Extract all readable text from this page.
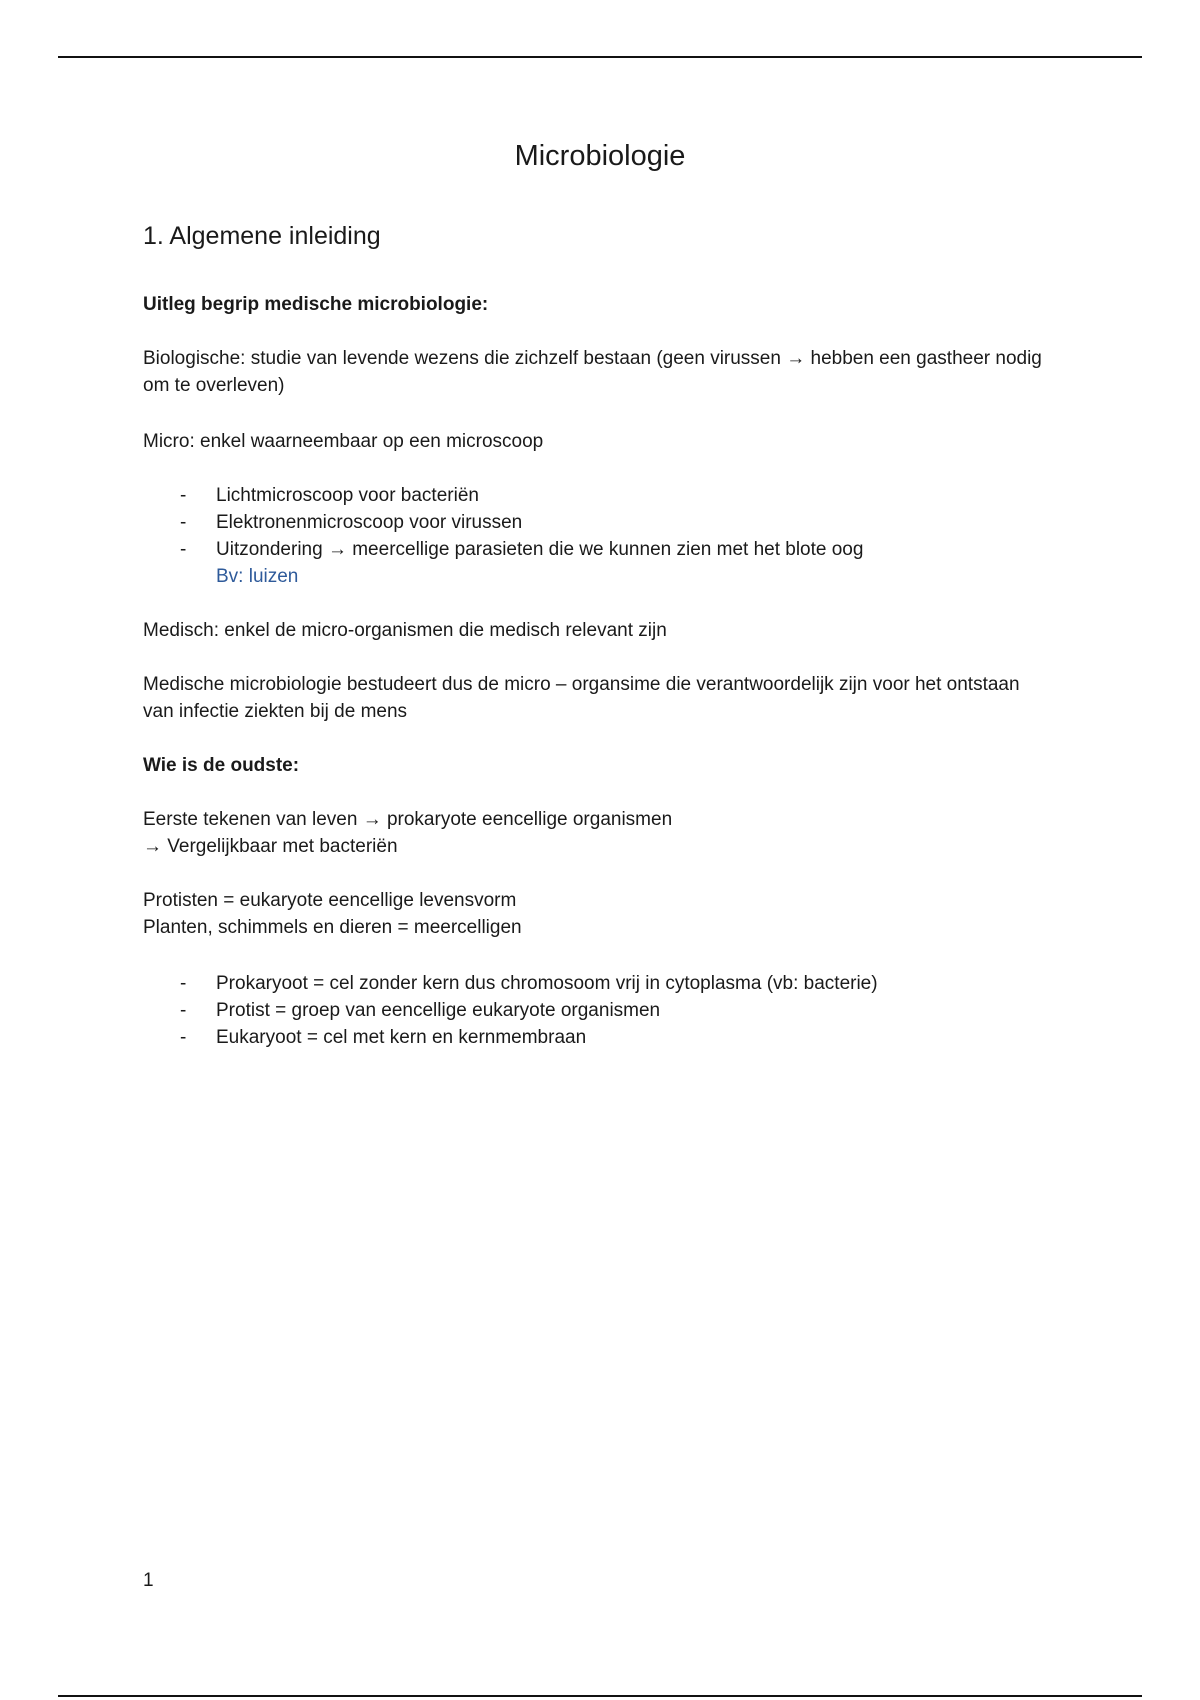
Microbiologie
1. Algemene inleiding

Uitleg begrip medische microbiologie:

Biologische: studie van levende wezens die zichzelf bestaan (geen virussen → hebben een gastheer nodig om te overleven)

Micro: enkel waarneembaar op een microscoop

- Lichtmicroscoop voor bacteriën
- Elektronenmicroscoop voor virussen
- Uitzondering → meercellige parasieten die we kunnen zien met het blote oog
Bv: luizen

Medisch: enkel de micro-organismen die medisch relevant zijn

Medische microbiologie bestudeert dus de micro – organsime die verantwoordelijk zijn voor het ontstaan van infectie ziekten bij de mens

Wie is de oudste:

Eerste tekenen van leven → prokaryote eencellige organismen
→ Vergelijkbaar met bacteriën

Protisten = eukaryote eencellige levensvorm
Planten, schimmels en dieren = meercelligen

- Prokaryoot = cel zonder kern dus chromosoom vrij in cytoplasma (vb: bacterie)
- Protist = groep van eencellige eukaryote organismen
- Eukaryoot = cel met kern en kernmembraan
1
